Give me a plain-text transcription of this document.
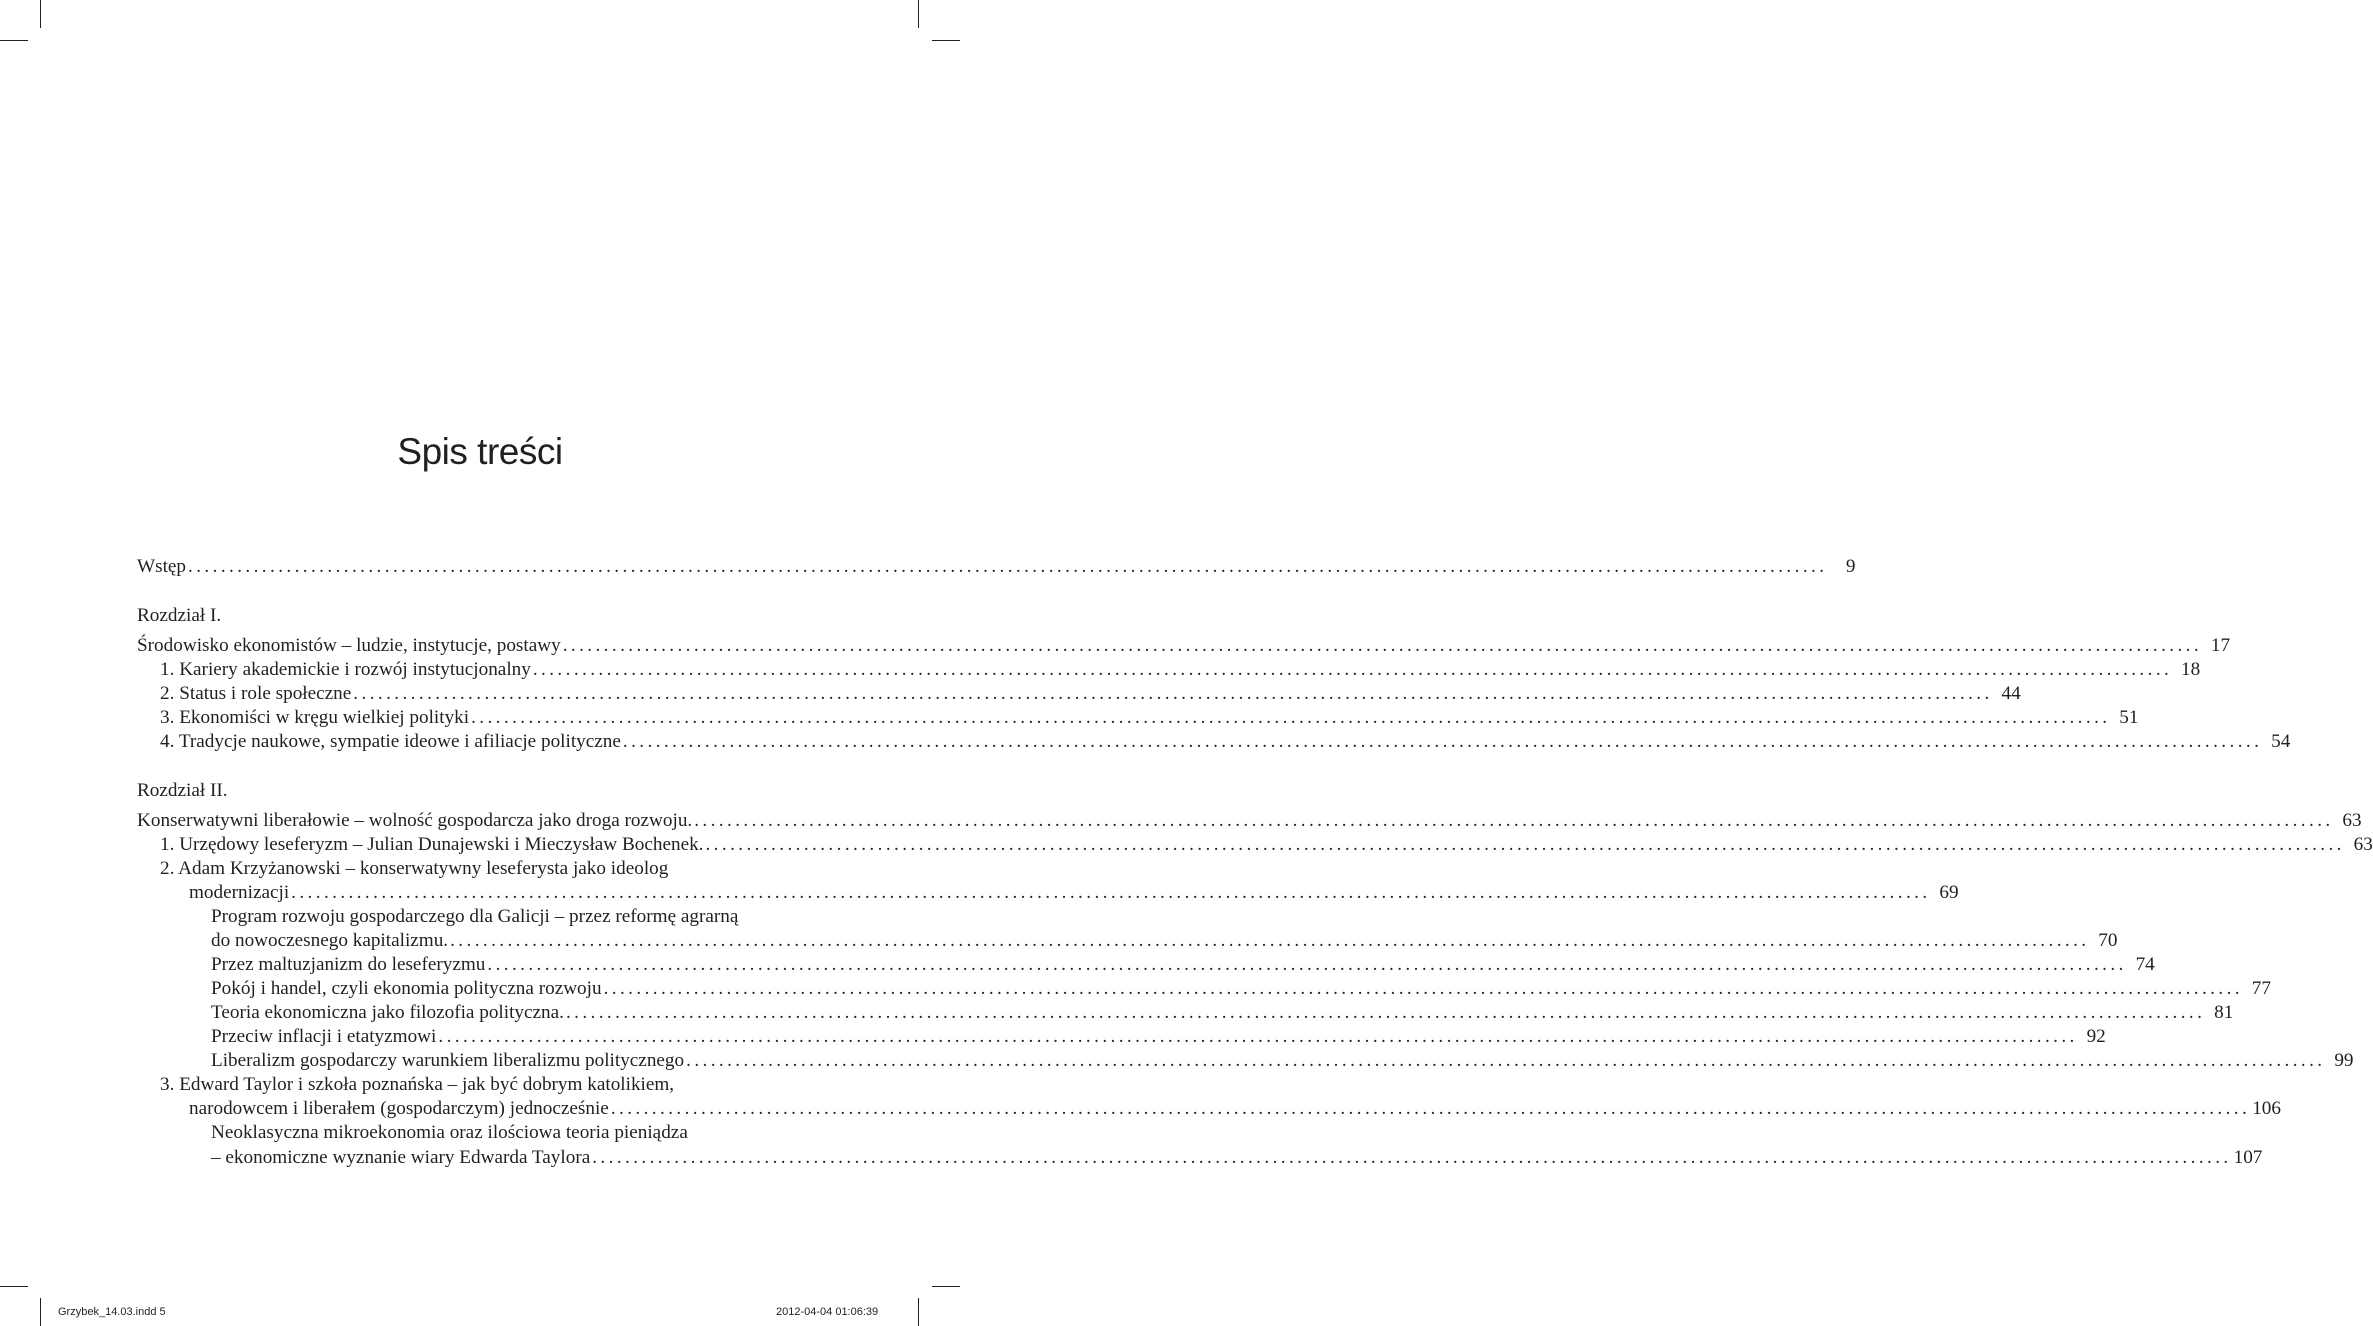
Spis treści
Wstęp ........................................................................................................................................................................................................ 9
Rozdział I.
Środowisko ekonomistów – ludzie, instytucje, postawy ........................................................................................................................................................................................................ 17
1. Kariery akademickie i rozwój instytucjonalny ........................................................................................................................................................................................................ 18
2. Status i role społeczne ........................................................................................................................................................................................................ 44
3. Ekonomiści w kręgu wielkiej polityki ........................................................................................................................................................................................................ 51
4. Tradycje naukowe, sympatie ideowe i afiliacje polityczne ........................................................................................................................................................................................................ 54
Rozdział II.
Konserwatywni liberałowie – wolność gospodarcza jako droga rozwoju. ........................................................................................................................................................................................................ 63
1. Urzędowy leseferyzm – Julian Dunajewski i Mieczysław Bochenek. ........................................................................................................................................................................................................ 63
2. Adam Krzyżanowski – konserwatywny leseferysta jako ideolog
modernizacji ........................................................................................................................................................................................................ 69
Program rozwoju gospodarczego dla Galicji – przez reformę agrarną
do nowoczesnego kapitalizmu. ........................................................................................................................................................................................................ 70
Przez maltuzjanizm do leseferyzmu ........................................................................................................................................................................................................ 74
Pokój i handel, czyli ekonomia polityczna rozwoju ........................................................................................................................................................................................................ 77
Teoria ekonomiczna jako filozofia polityczna. ........................................................................................................................................................................................................ 81
Przeciw inflacji i etatyzmowi ........................................................................................................................................................................................................ 92
Liberalizm gospodarczy warunkiem liberalizmu politycznego ........................................................................................................................................................................................................ 99
3. Edward Taylor i szkoła poznańska – jak być dobrym katolikiem,
narodowcem i liberałem (gospodarczym) jednocześnie ........................................................................................................................................................................................................ 106
Neoklasyczna mikroekonomia oraz ilościowa teoria pieniądza
– ekonomiczne wyznanie wiary Edwarda Taylora ........................................................................................................................................................................................................ 107
Grzybek_14.03.indd 5	2012-04-04 01:06:39
